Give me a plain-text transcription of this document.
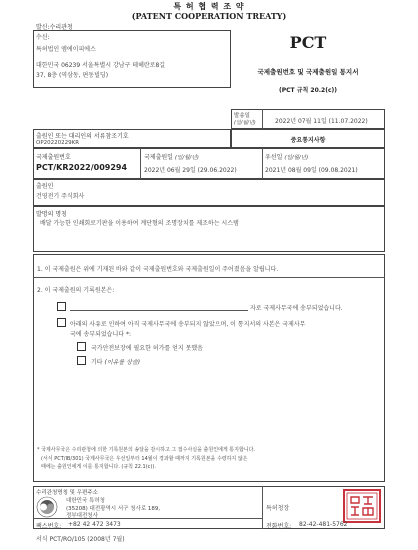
특 허 협 력 조 약
(PATENT COOPERATION TREATY)
발신:수리관청
수신:
특허법인 엠에이피에스
대한민국 06239 서울특별시 강남구 테헤란로8길
37, 8층 (역삼동, 편동빌딩)
PCT
국제출원번호 및 국제출원일 통지서
(PCT 규칙 20.2(c))
발송일
(일/월/년)	2022년 07월 11일 (11.07.2022)
출원인 또는 대리인의 서류참조기호
OP20220229KR	중요통지사항
국제출원번호
PCT/KR2022/009294
국제출원일 (일/월/년)
2022년 06월 29일 (29.06.2022)
우선일 (일/월/년)
2021년 08월 09일 (09.08.2021)
출원인
건영전기 주식회사
발명의 명칭
배달 가능한 인쇄회로기판을 이용하여 계단형의 조명장치를 제조하는 시스템
1. 이 국제출원은 위에 기재된 바와 같이 국제출원번호와 국제출원일이 주어졌음을 알립니다.
2. 이 국제출원의 기록원본은:
자로 국제사무국에 송부되었습니다.
아래의 사유로 인하여 아직 국제사무국에 송부되지 않았으며, 이 통지서의 사본은 국제사무
국에 송부되었습니다 *:
국가안전보장에 필요한 허가를 얻지 못했음
기타 (이유를 상술)
* 국제사무국은 수리관청에 의한 기록원본의 송달을 감시하고 그 접수사실을 출원인에게 통지합니다.
(서식 PCT/IB/301) 국제사무국은 우선일부터 14월이 경과할 때까지 기록원본을 수령하지 않은
때에는 출원인에게 이를 통지합니다. (규칙 22.1(c)).
수리관청명칭 및 우편주소
대한민국 특허청
(35208) 대전광역시 서구 청사로 189,
정부대전청사
팩스번호: +82 42 472 3473
특허청장
전화번호: 82-42-481-5762
서식 PCT/RO/105 (2008년 7월)
